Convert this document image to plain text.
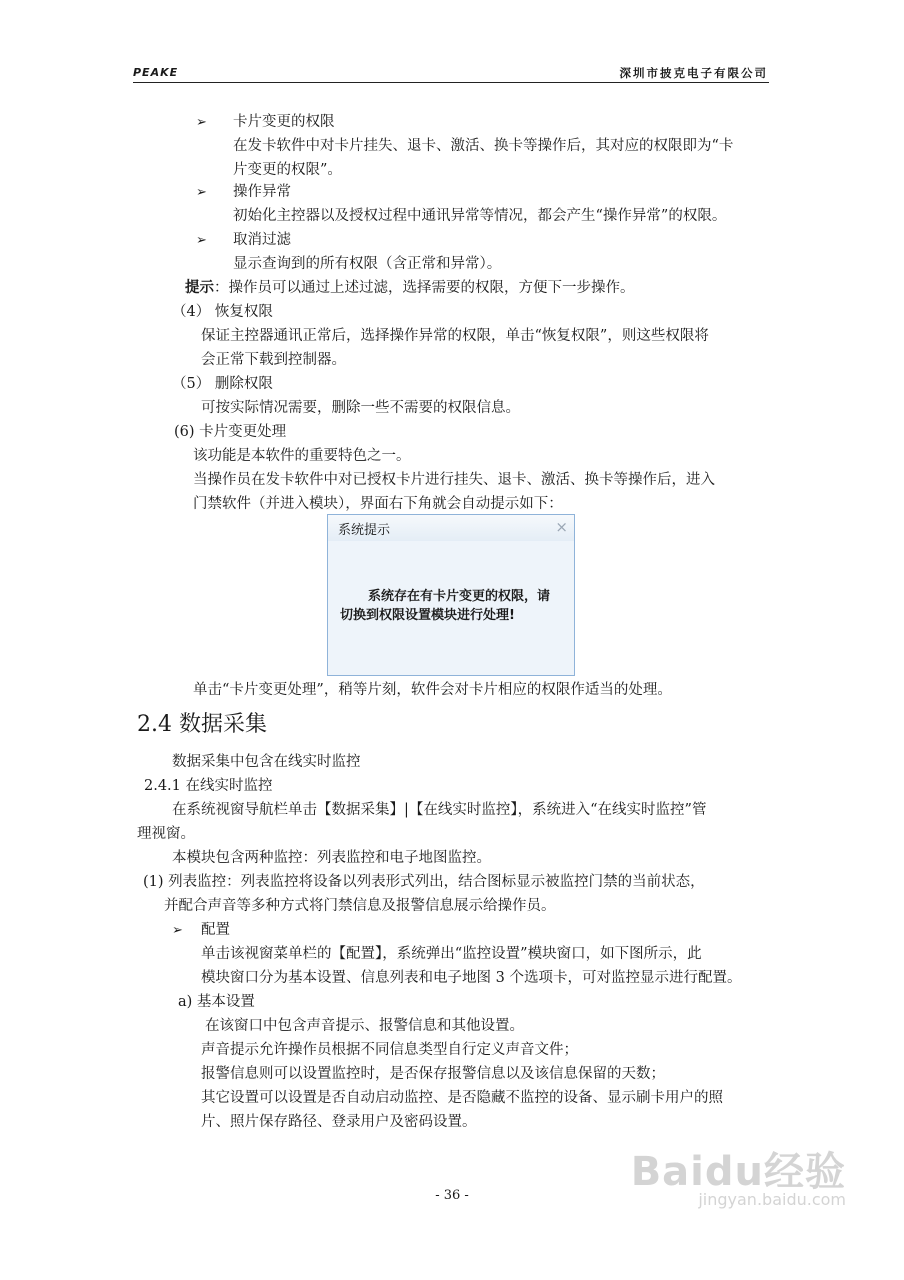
PEAKE	深圳市披克电子有限公司
➢ 卡片变更的权限
在发卡软件中对卡片挂失、退卡、激活、换卡等操作后，其对应的权限即为“卡
片变更的权限”。
➢ 操作异常
初始化主控器以及授权过程中通讯异常等情况，都会产生“操作异常”的权限。
➢ 取消过滤
显示查询到的所有权限（含正常和异常）。
提示：操作员可以通过上述过滤，选择需要的权限，方便下一步操作。
（4） 恢复权限
保证主控器通讯正常后，选择操作异常的权限，单击“恢复权限”，则这些权限将
会正常下载到控制器。
（5） 删除权限
可按实际情况需要，删除一些不需要的权限信息。
(6) 卡片变更处理
该功能是本软件的重要特色之一。
当操作员在发卡软件中对已授权卡片进行挂失、退卡、激活、换卡等操作后，进入
门禁软件（并进入模块），界面右下角就会自动提示如下：
系统提示	×
系统存在有卡片变更的权限，请
切换到权限设置模块进行处理!
单击“卡片变更处理”，稍等片刻，软件会对卡片相应的权限作适当的处理。
2.4 数据采集
数据采集中包含在线实时监控
2.4.1 在线实时监控
在系统视窗导航栏单击【数据采集】|【在线实时监控】，系统进入“在线实时监控”管
理视窗。
本模块包含两种监控：列表监控和电子地图监控。
(1) 列表监控：列表监控将设备以列表形式列出，结合图标显示被监控门禁的当前状态，
并配合声音等多种方式将门禁信息及报警信息展示给操作员。
➢ 配置
单击该视窗菜单栏的【配置】，系统弹出“监控设置”模块窗口，如下图所示，此
模块窗口分为基本设置、信息列表和电子地图 3 个选项卡，可对监控显示进行配置。
a) 基本设置
在该窗口中包含声音提示、报警信息和其他设置。
声音提示允许操作员根据不同信息类型自行定义声音文件；
报警信息则可以设置监控时，是否保存报警信息以及该信息保留的天数；
其它设置可以设置是否自动启动监控、是否隐藏不监控的设备、显示刷卡用户的照
片、照片保存路径、登录用户及密码设置。
- 36 -
Baidu经验
jingyan.baidu.com
